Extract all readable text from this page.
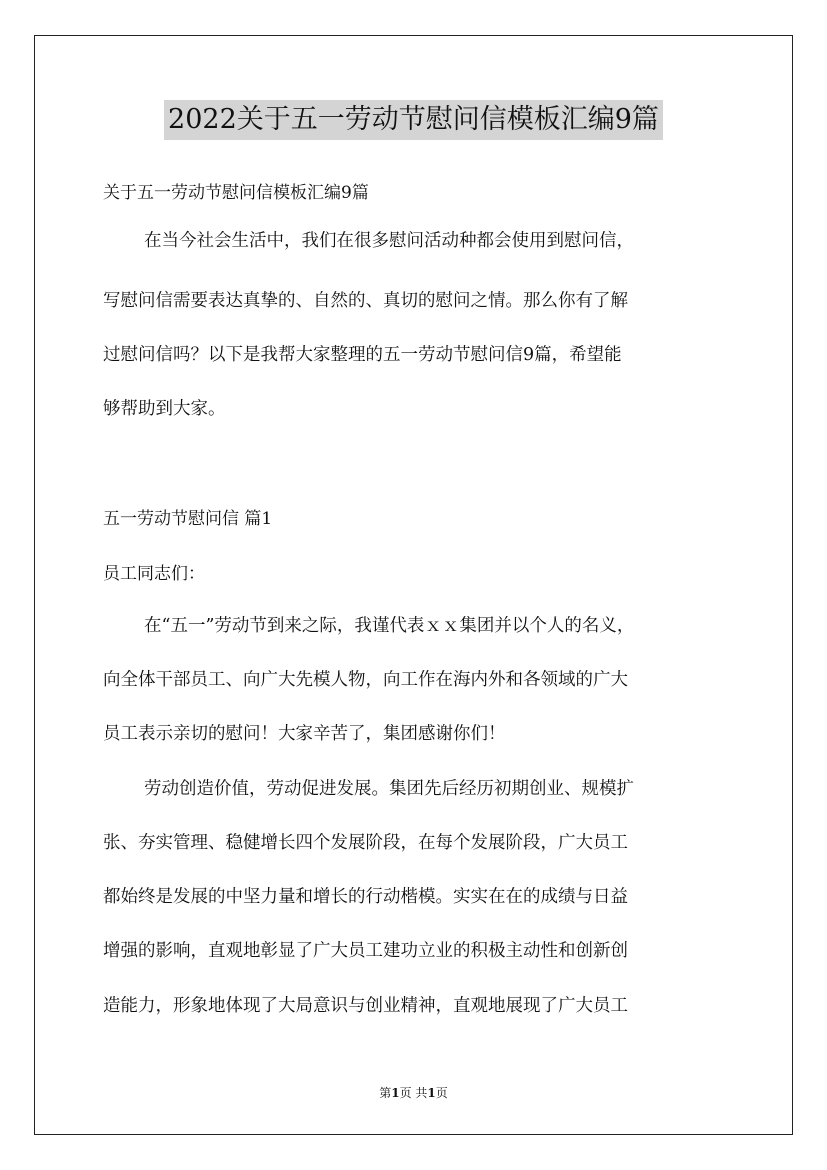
2022关于五一劳动节慰问信模板汇编9篇

关于五一劳动节慰问信模板汇编9篇

在当今社会生活中，我们在很多慰问活动种都会使用到慰问信，

写慰问信需要表达真挚的、自然的、真切的慰问之情。那么你有了解

过慰问信吗？以下是我帮大家整理的五一劳动节慰问信9篇，希望能

够帮助到大家。

五一劳动节慰问信 篇1

员工同志们：

在“五一”劳动节到来之际，我谨代表ｘｘ集团并以个人的名义，

向全体干部员工、向广大先模人物，向工作在海内外和各领域的广大

员工表示亲切的慰问！大家辛苦了，集团感谢你们！

劳动创造价值，劳动促进发展。集团先后经历初期创业、规模扩

张、夯实管理、稳健增长四个发展阶段，在每个发展阶段，广大员工

都始终是发展的中坚力量和增长的行动楷模。实实在在的成绩与日益

增强的影响，直观地彰显了广大员工建功立业的积极主动性和创新创

造能力，形象地体现了大局意识与创业精神，直观地展现了广大员工

第1页 共1页
